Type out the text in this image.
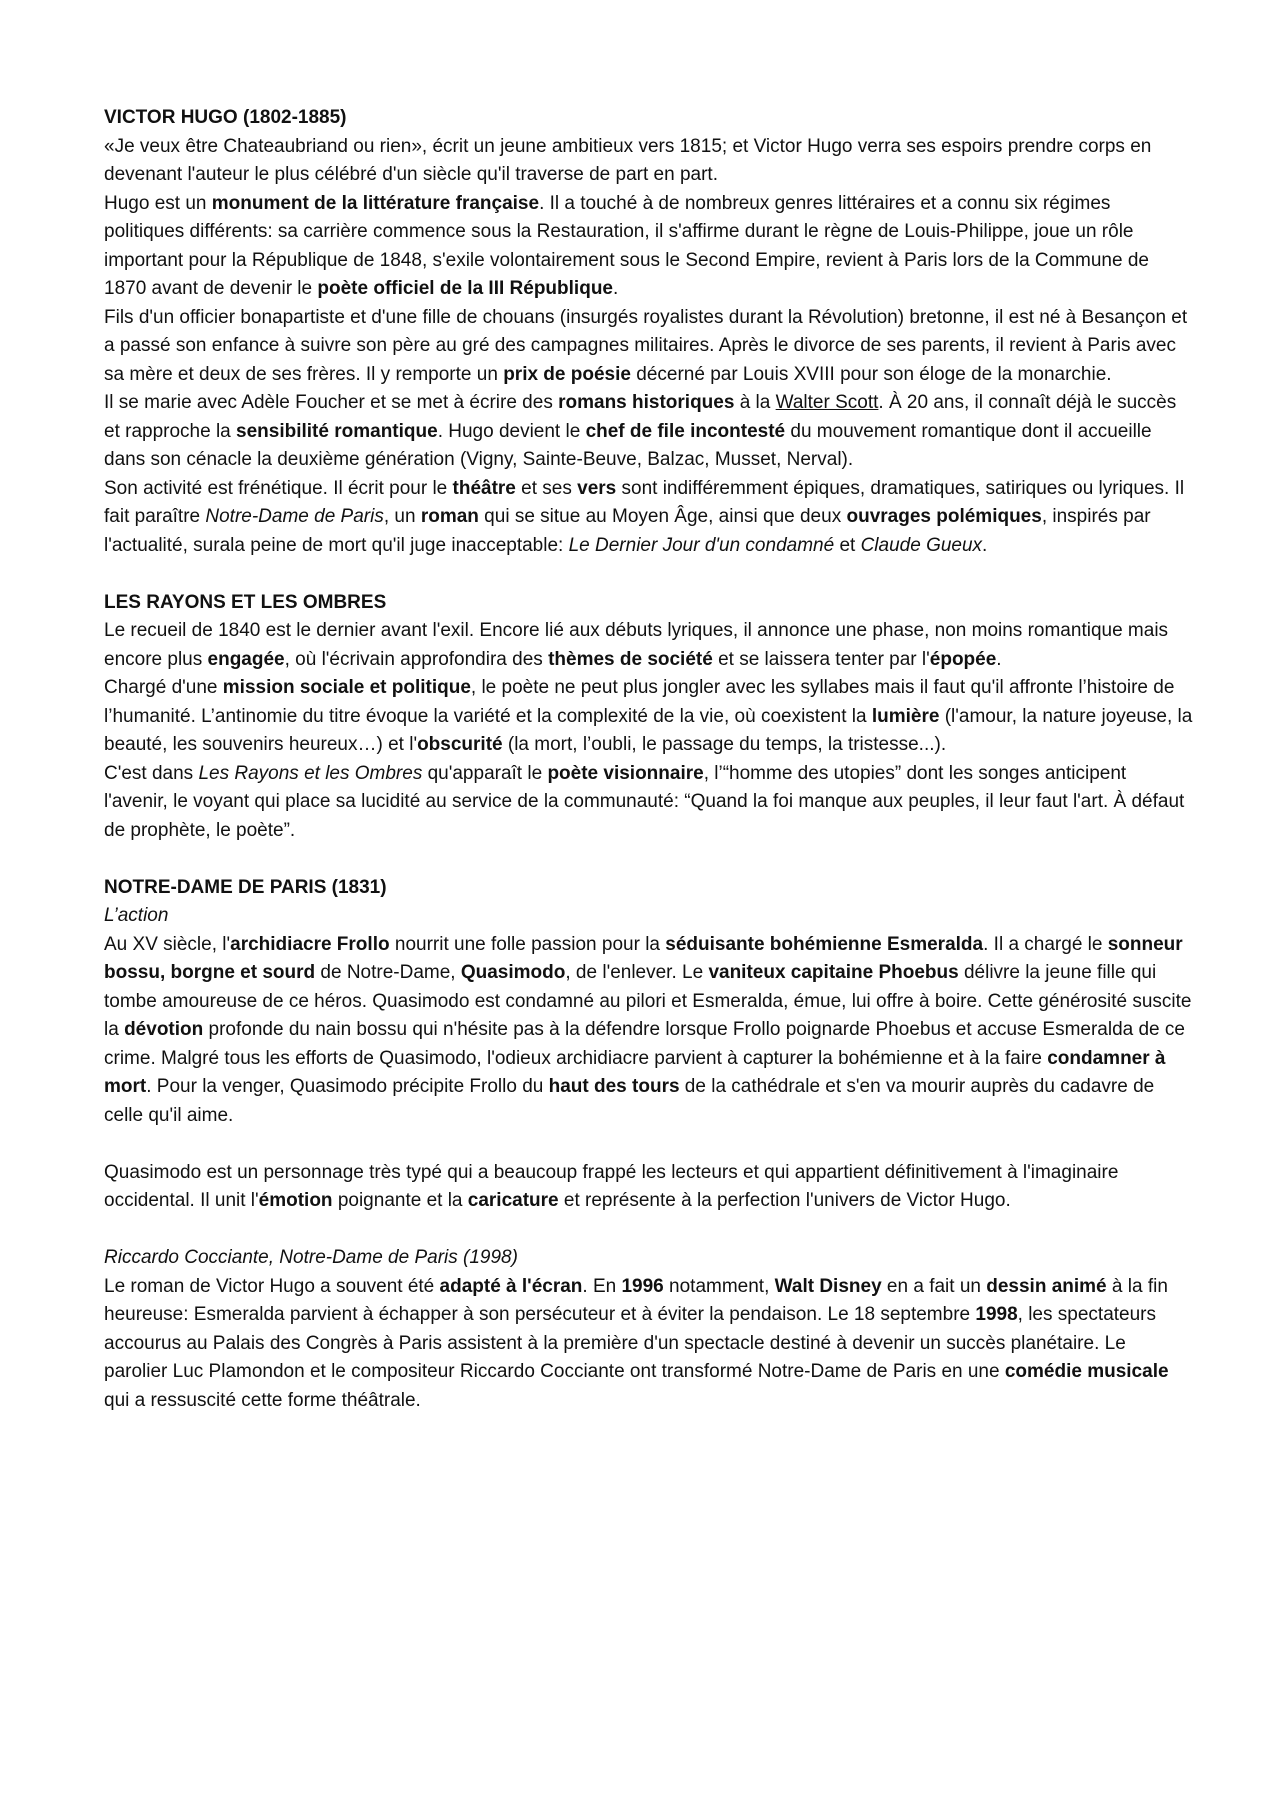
VICTOR HUGO (1802-1885)

«Je veux être Chateaubriand ou rien», écrit un jeune ambitieux vers 1815; et Victor Hugo verra ses espoirs prendre corps en devenant l'auteur le plus célébré d'un siècle qu'il traverse de part en part.

Hugo est un monument de la littérature française. Il a touché à de nombreux genres littéraires et a connu six régimes politiques différents: sa carrière commence sous la Restauration, il s'affirme durant le règne de Louis-Philippe, joue un rôle important pour la République de 1848, s'exile volontairement sous le Second Empire, revient à Paris lors de la Commune de 1870 avant de devenir le poète officiel de la III République.

Fils d'un officier bonapartiste et d'une fille de chouans (insurgés royalistes durant la Révolution) bretonne, il est né à Besançon et a passé son enfance à suivre son père au gré des campagnes militaires. Après le divorce de ses parents, il revient à Paris avec sa mère et deux de ses frères. Il y remporte un prix de poésie décerné par Louis XVIII pour son éloge de la monarchie.

Il se marie avec Adèle Foucher et se met à écrire des romans historiques à la Walter Scott. À 20 ans, il connaît déjà le succès et rapproche la sensibilité romantique. Hugo devient le chef de file incontesté du mouvement romantique dont il accueille dans son cénacle la deuxième génération (Vigny, Sainte-Beuve, Balzac, Musset, Nerval).

Son activité est frénétique. Il écrit pour le théâtre et ses vers sont indifféremment épiques, dramatiques, satiriques ou lyriques. Il fait paraître Notre-Dame de Paris, un roman qui se situe au Moyen Âge, ainsi que deux ouvrages polémiques, inspirés par l'actualité, surala peine de mort qu'il juge inacceptable: Le Dernier Jour d'un condamné et Claude Gueux.

LES RAYONS ET LES OMBRES

Le recueil de 1840 est le dernier avant l'exil. Encore lié aux débuts lyriques, il annonce une phase, non moins romantique mais encore plus engagée, où l'écrivain approfondira des thèmes de société et se laissera tenter par l'épopée.

Chargé d'une mission sociale et politique, le poète ne peut plus jongler avec les syllabes mais il faut qu'il affronte l’histoire de l’humanité. L’antinomie du titre évoque la variété et la complexité de la vie, où coexistent la lumière (l'amour, la nature joyeuse, la beauté, les souvenirs heureux…) et l'obscurité (la mort, l’oubli, le passage du temps, la tristesse...).

C'est dans Les Rayons et les Ombres qu'apparaît le poète visionnaire, l’“homme des utopies” dont les songes anticipent l'avenir, le voyant qui place sa lucidité au service de la communauté: “Quand la foi manque aux peuples, il leur faut l'art. À défaut de prophète, le poète”.

NOTRE-DAME DE PARIS (1831)

L’action

Au XV siècle, l'archidiacre Frollo nourrit une folle passion pour la séduisante bohémienne Esmeralda. Il a chargé le sonneur bossu, borgne et sourd de Notre-Dame, Quasimodo, de l'enlever. Le vaniteux capitaine Phoebus délivre la jeune fille qui tombe amoureuse de ce héros. Quasimodo est condamné au pilori et Esmeralda, émue, lui offre à boire. Cette générosité suscite la dévotion profonde du nain bossu qui n'hésite pas à la défendre lorsque Frollo poignarde Phoebus et accuse Esmeralda de ce crime. Malgré tous les efforts de Quasimodo, l'odieux archidiacre parvient à capturer la bohémienne et à la faire condamner à mort. Pour la venger, Quasimodo précipite Frollo du haut des tours de la cathédrale et s'en va mourir auprès du cadavre de celle qu'il aime.

Quasimodo est un personnage très typé qui a beaucoup frappé les lecteurs et qui appartient définitivement à l'imaginaire occidental. Il unit l'émotion poignante et la caricature et représente à la perfection l'univers de Victor Hugo.

Riccardo Cocciante, Notre-Dame de Paris (1998)

Le roman de Victor Hugo a souvent été adapté à l'écran. En 1996 notamment, Walt Disney en a fait un dessin animé à la fin heureuse: Esmeralda parvient à échapper à son persécuteur et à éviter la pendaison. Le 18 septembre 1998, les spectateurs accourus au Palais des Congrès à Paris assistent à la première d'un spectacle destiné à devenir un succès planétaire. Le parolier Luc Plamondon et le compositeur Riccardo Cocciante ont transformé Notre-Dame de Paris en une comédie musicale qui a ressuscité cette forme théâtrale.
